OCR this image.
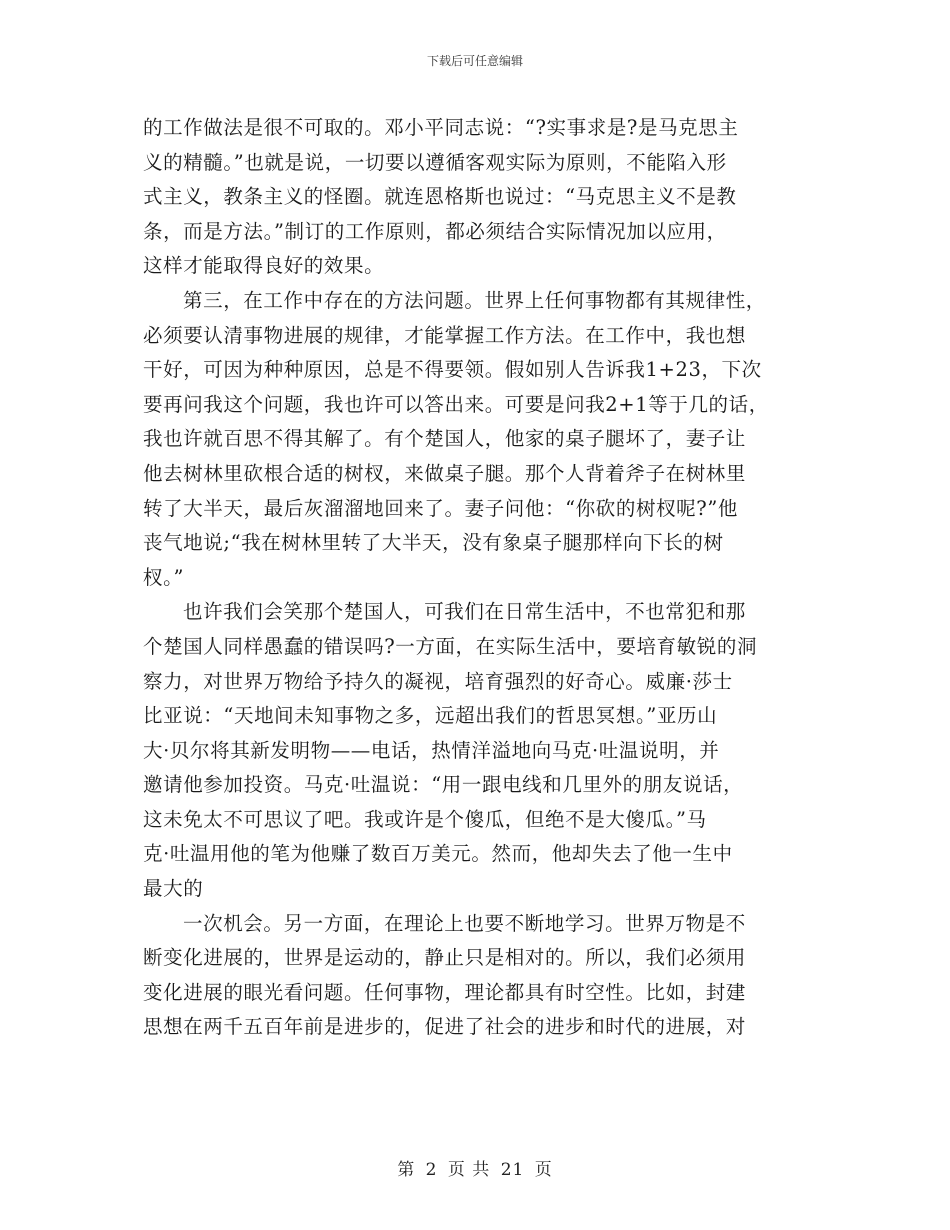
下载后可任意编辑
的工作做法是很不可取的。邓小平同志说：“?实事求是?是马克思主
义的精髓。”也就是说，一切要以遵循客观实际为原则，不能陷入形
式主义，教条主义的怪圈。就连恩格斯也说过：“马克思主义不是教
条，而是方法。”制订的工作原则，都必须结合实际情况加以应用，
这样才能取得良好的效果。
第三，在工作中存在的方法问题。世界上任何事物都有其规律性，
必须要认清事物进展的规律，才能掌握工作方法。在工作中，我也想
干好，可因为种种原因，总是不得要领。假如别人告诉我1+23，下次
要再问我这个问题，我也许可以答出来。可要是问我2+1等于几的话，
我也许就百思不得其解了。有个楚国人，他家的桌子腿坏了，妻子让
他去树林里砍根合适的树杈，来做桌子腿。那个人背着斧子在树林里
转了大半天，最后灰溜溜地回来了。妻子问他：“你砍的树杈呢?”他
丧气地说;“我在树林里转了大半天，没有象桌子腿那样向下长的树
杈。”
也许我们会笑那个楚国人，可我们在日常生活中，不也常犯和那
个楚国人同样愚蠢的错误吗?一方面，在实际生活中，要培育敏锐的洞
察力，对世界万物给予持久的凝视，培育强烈的好奇心。威廉·莎士
比亚说：“天地间未知事物之多，远超出我们的哲思冥想。”亚历山
大·贝尔将其新发明物——电话，热情洋溢地向马克·吐温说明，并
邀请他参加投资。马克·吐温说：“用一跟电线和几里外的朋友说话，
这未免太不可思议了吧。我或许是个傻瓜，但绝不是大傻瓜。”马
克·吐温用他的笔为他赚了数百万美元。然而，他却失去了他一生中
最大的
一次机会。另一方面，在理论上也要不断地学习。世界万物是不
断变化进展的，世界是运动的，静止只是相对的。所以，我们必须用
变化进展的眼光看问题。任何事物，理论都具有时空性。比如，封建
思想在两千五百年前是进步的，促进了社会的进步和时代的进展，对
第 2 页 共 21 页
